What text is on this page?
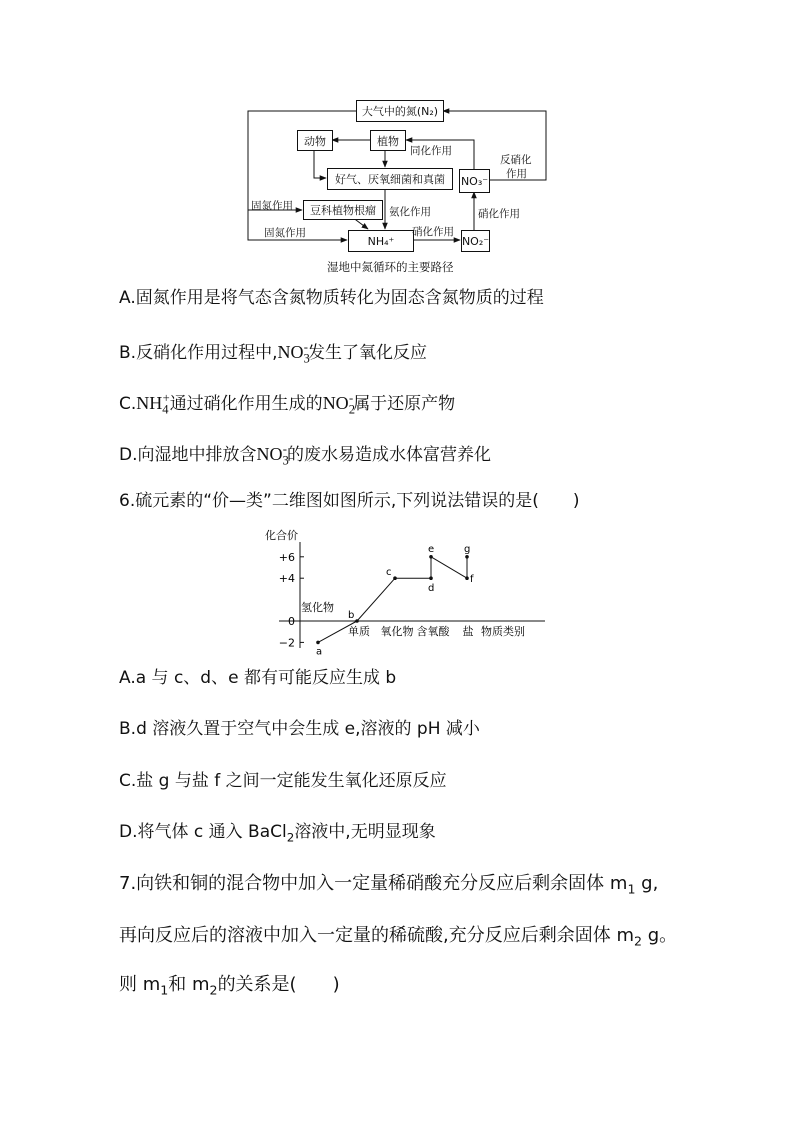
大气中的氮(N₂)
动物	植物
好气、厌氧细菌和真菌	NO₃⁻
豆科植物根瘤
NH₄⁺	NO₂⁻
同化作用
反硝化
作用
固氮作用
固氮作用
氨化作用
硝化作用
硝化作用
湿地中氮循环的主要路径
A.固氮作用是将气态含氮物质转化为固态含氮物质的过程
B.反硝化作用过程中$,NO_3^-$发生了氧化反应
$C.NH_4^+$通过硝化作用生成的$NO_2^-$属于还原产物
D.向湿地中排放含$NO_3^-$的废水易造成水体富营养化
6.硫元素的“价—类”二维图如图所示,下列说法错误的是(　　)
化合价
+6
+4
0
−2
氢化物
单质 氧化物 含氧酸 盐 物质类别
a
b
c
d
e
f
g
A.a 与 c、d、e 都有可能反应生成 b
B.d 溶液久置于空气中会生成 e,溶液的 pH 减小
C.盐 g 与盐 f 之间一定能发生氧化还原反应
D.将气体 c 通入 BaCl$_2$溶液中,无明显现象
7.向铁和铜的混合物中加入一定量稀硝酸充分反应后剩余固体 $m_1$ g,
再向反应后的溶液中加入一定量的稀硫酸,充分反应后剩余固体 $m_2$ g。
则 $m_1$和 $m_2$的关系是(　　)
